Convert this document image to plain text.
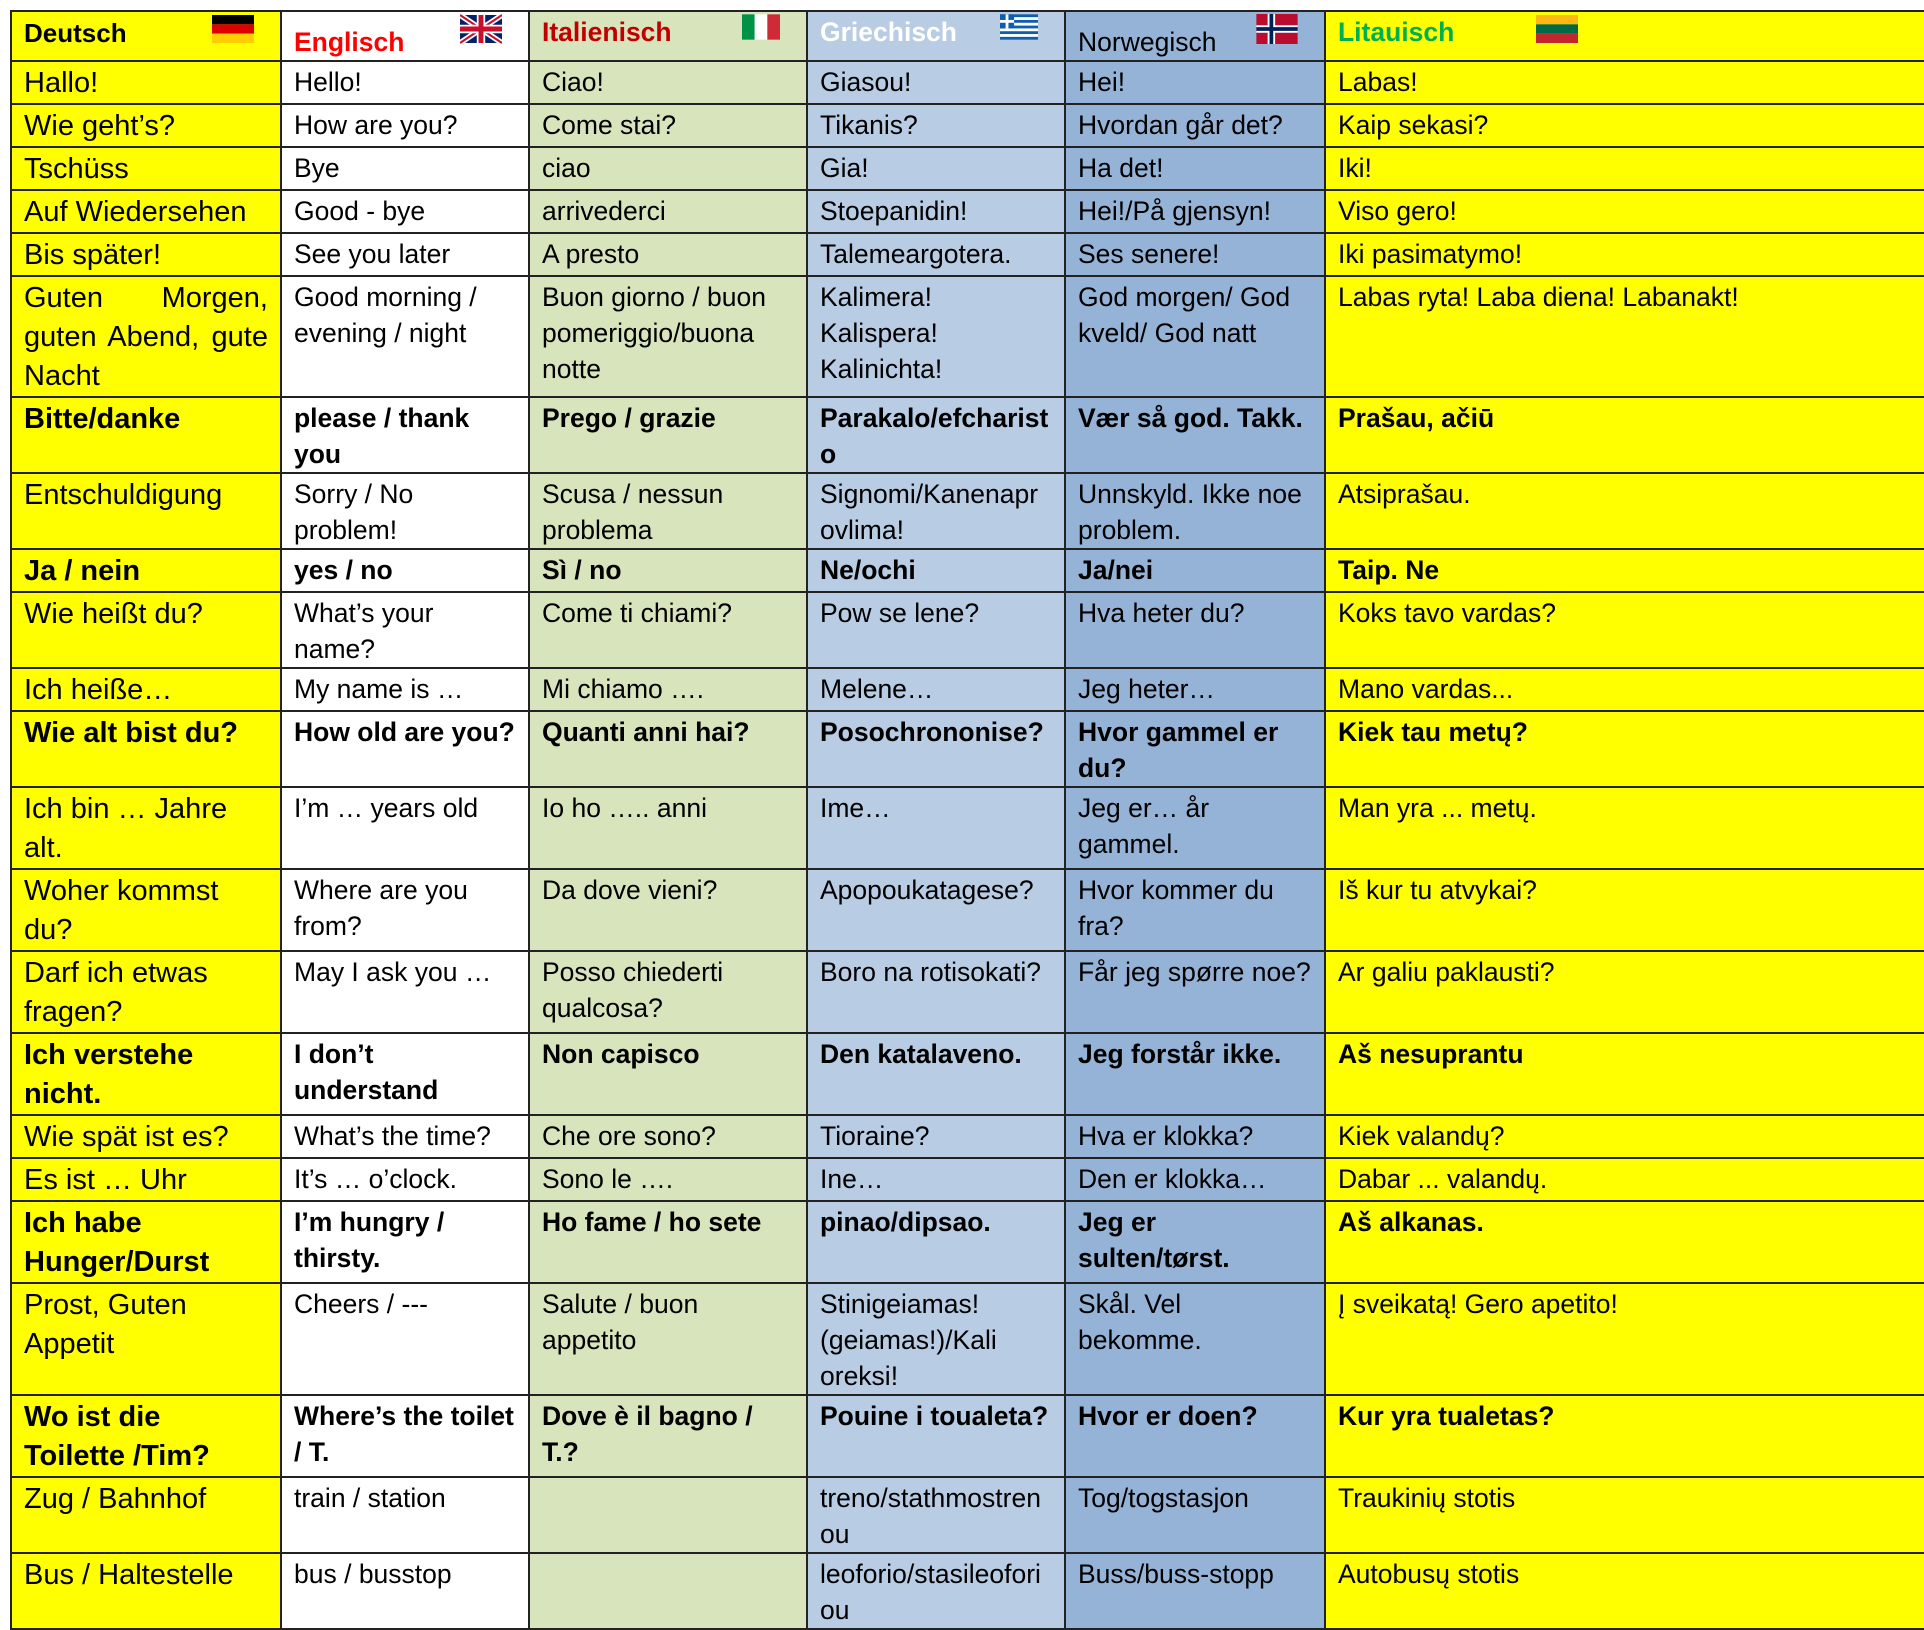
Deutsch	Englisch	Italienisch	Griechisch	Norwegisch	Litauisch

Hallo!	Hello!	Ciao!	Giasou!	Hei!	Labas!
Wie geht’s?	How are you?	Come stai?	Tikanis?	Hvordan går det?	Kaip sekasi?
Tschüss	Bye	ciao	Gia!	Ha det!	Iki!
Auf Wiedersehen	Good - bye	arrivederci	Stoepanidin!	Hei!/På gjensyn!	Viso gero!
Bis später!	See you later	A presto	Talemeargotera.	Ses senere!	Iki pasimatymo!
Guten Morgen, guten Abend, gute Nacht	Good morning / evening / night	Buon giorno / buon pomeriggio/buona notte	Kalimera! Kalispera! Kalinichta!	God morgen/ God kveld/ God natt	Labas ryta! Laba diena! Labanakt!
Bitte/danke	please / thank you	Prego / grazie	Parakalo/efcharisto	Vær så god. Takk.	Prašau, ačiū
Entschuldigung	Sorry / No problem!	Scusa / nessun problema	Signomi/Kanenaprovlima!	Unnskyld. Ikke noe problem.	Atsiprašau.
Ja / nein	yes / no	Sì / no	Ne/ochi	Ja/nei	Taip. Ne
Wie heißt du?	What’s your name?	Come ti chiami?	Pow se lene?	Hva heter du?	Koks tavo vardas?
Ich heiße…	My name is …	Mi chiamo ….	Melene…	Jeg heter…	Mano vardas...
Wie alt bist du?	How old are you?	Quanti anni hai?	Posochrononise?	Hvor gammel er du?	Kiek tau metų?
Ich bin … Jahre alt.	I’m … years old	Io ho ….. anni	Ime…	Jeg er… år gammel.	Man yra ... metų.
Woher kommst du?	Where are you from?	Da dove vieni?	Apopoukatagese?	Hvor kommer du fra?	Iš kur tu atvykai?
Darf ich etwas fragen?	May I ask you …	Posso chiederti qualcosa?	Boro na rotisokati?	Får jeg spørre noe?	Ar galiu paklausti?
Ich verstehe nicht.	I don’t understand	Non capisco	Den katalaveno.	Jeg forstår ikke.	Aš nesuprantu
Wie spät ist es?	What’s the time?	Che ore sono?	Tioraine?	Hva er klokka?	Kiek valandų?
Es ist … Uhr	It’s … o’clock.	Sono le ….	Ine…	Den er klokka…	Dabar ... valandų.
Ich habe Hunger/Durst	I’m hungry / thirsty.	Ho fame / ho sete	pinao/dipsao.	Jeg er sulten/tørst.	Aš alkanas.
Prost, Guten Appetit	Cheers / ---	Salute / buon appetito	Stinigeiamas! (geiamas!)/Kali oreksi!	Skål. Vel bekomme.	Į sveikatą! Gero apetito!
Wo ist die Toilette /Tim?	Where’s the toilet / T.	Dove è il bagno / T.?	Pouine i toualeta?	Hvor er doen?	Kur yra tualetas?
Zug / Bahnhof	train / station		treno/stathmostrenou	Tog/togstasjon	Traukinių stotis
Bus / Haltestelle	bus / busstop		leoforio/stasileoforiou	Buss/buss-stopp	Autobusų stotis
